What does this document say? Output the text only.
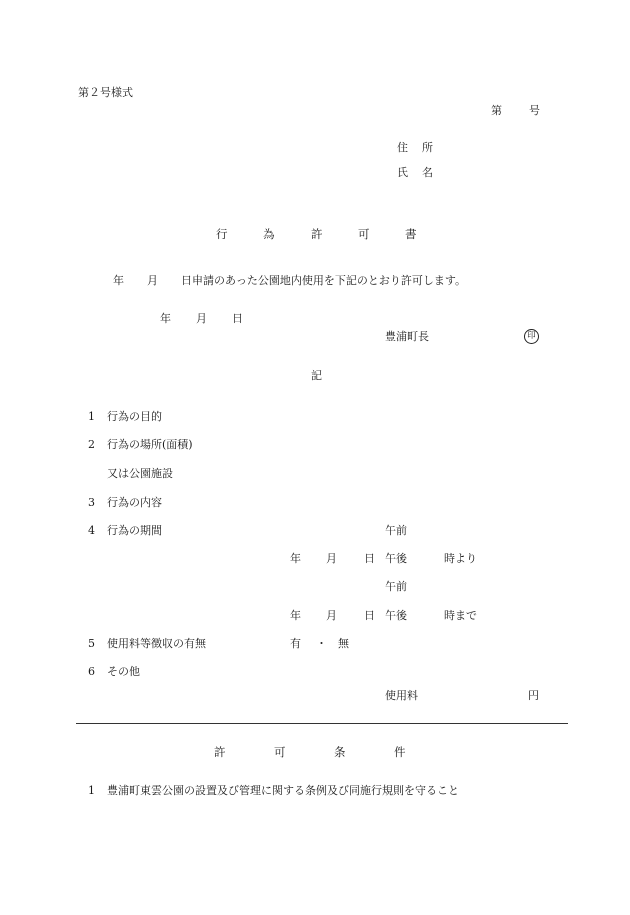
第２号様式
第 号
住 所
氏 名
行	為	許	可	書
年 月 日申請のあった公園地内使用を下記のとおり許可します。
年 月 日
豊浦町長	印
記
1 行為の目的
2 行為の場所(面積)
又は公園施設
3 行為の内容
4 行為の期間	午前
年 月 日 午後	時より
午前
年 月 日 午後	時まで
5 使用料等徴収の有無	有 ・ 無
6 その他
使用料	円
許	可	条	件
1 豊浦町東雲公園の設置及び管理に関する条例及び同施行規則を守ること
